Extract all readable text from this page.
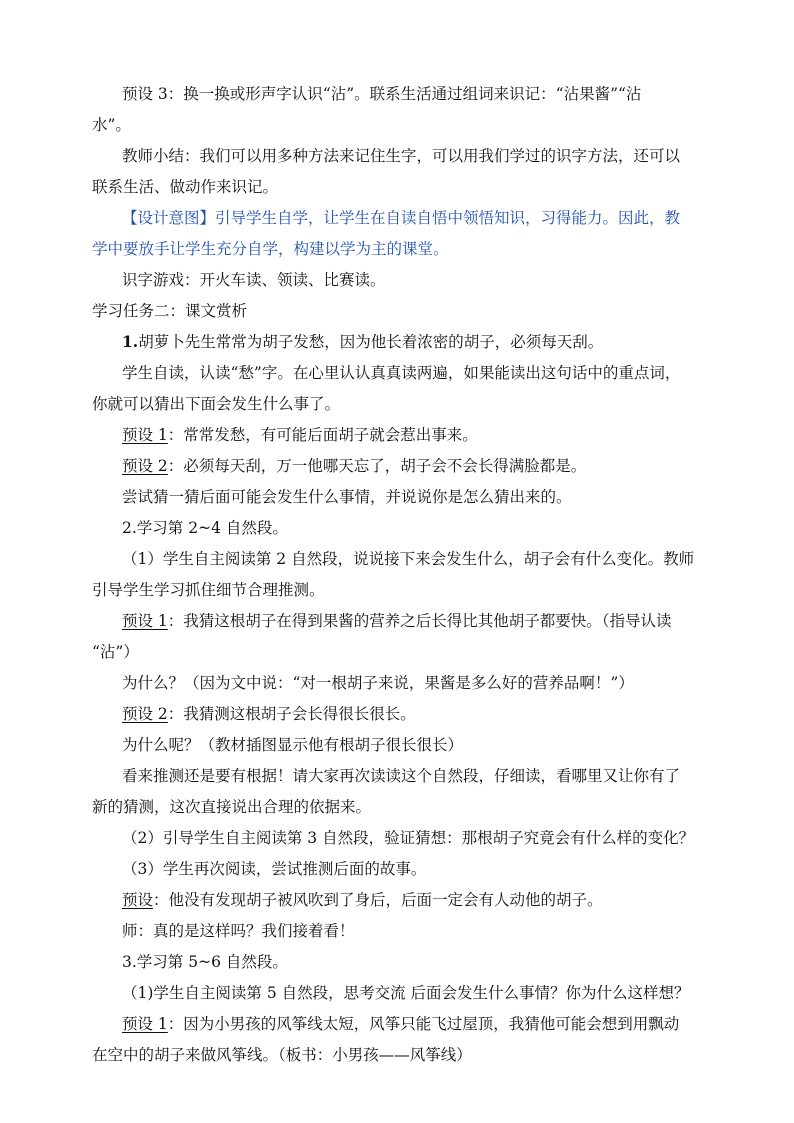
预设 3：换一换或形声字认识“沾”。联系生活通过组词来识记：“沾果酱”“沾
水”。
教师小结：我们可以用多种方法来记住生字，可以用我们学过的识字方法，还可以
联系生活、做动作来识记。
【设计意图】引导学生自学，让学生在自读自悟中领悟知识，习得能力。因此，教
学中要放手让学生充分自学，构建以学为主的课堂。
识字游戏：开火车读、领读、比赛读。
学习任务二：课文赏析
1.胡萝卜先生常常为胡子发愁，因为他长着浓密的胡子，必须每天刮。
学生自读，认读“愁”字。在心里认认真真读两遍，如果能读出这句话中的重点词，
你就可以猜出下面会发生什么事了。
预设 1：常常发愁，有可能后面胡子就会惹出事来。
预设 2：必须每天刮，万一他哪天忘了，胡子会不会长得满脸都是。
尝试猜一猜后面可能会发生什么事情，并说说你是怎么猜出来的。
2.学习第 2~4 自然段。
（1）学生自主阅读第 2 自然段，说说接下来会发生什么，胡子会有什么变化。教师
引导学生学习抓住细节合理推测。
预设 1：我猜这根胡子在得到果酱的营养之后长得比其他胡子都要快。（指导认读
“沾”）
为什么？（因为文中说：“对一根胡子来说，果酱是多么好的营养品啊！”）
预设 2：我猜测这根胡子会长得很长很长。
为什么呢？（教材插图显示他有根胡子很长很长）
看来推测还是要有根据！请大家再次读读这个自然段，仔细读，看哪里又让你有了
新的猜测，这次直接说出合理的依据来。
（2）引导学生自主阅读第 3 自然段，验证猜想：那根胡子究竟会有什么样的变化？
（3）学生再次阅读，尝试推测后面的故事。
预设：他没有发现胡子被风吹到了身后，后面一定会有人动他的胡子。
师：真的是这样吗？我们接着看！
3.学习第 5~6 自然段。
（1)学生自主阅读第 5 自然段，思考交流 后面会发生什么事情？你为什么这样想？
预设 1：因为小男孩的风筝线太短，风筝只能飞过屋顶，我猜他可能会想到用飘动
在空中的胡子来做风筝线。（板书：小男孩——风筝线）
